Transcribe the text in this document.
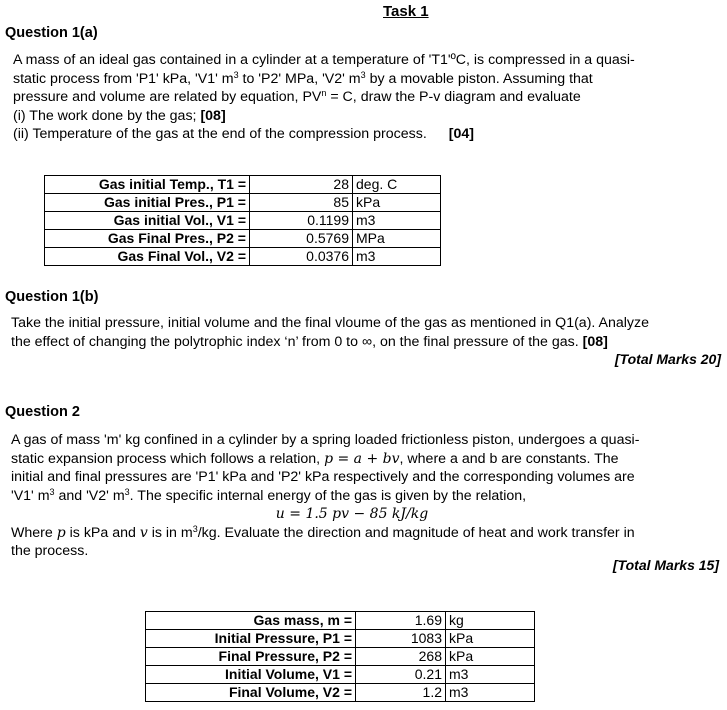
Task 1
Question 1(a)

A mass of an ideal gas contained in a cylinder at a temperature of 'T1'ºC, is compressed in a quasi-

static process from 'P1' kPa, 'V1' $m^3$ to 'P2' MPa, 'V2' $m^3$ by a movable piston. Assuming that

pressure and volume are related by equation, $PV^n = C$, draw the P-v diagram and evaluate

(i) The work done by the gas; [08]

(ii) Temperature of the gas at the end of the compression process. [04]

Gas initial Temp., T1 =	28	deg. C
Gas initial Pres., P1 =	85	kPa
Gas initial Vol., V1 =	0.1199	m3
Gas Final Pres., P2 =	0.5769	MPa
Gas Final Vol., V2 =	0.0376	m3
Question 1(b)

Take the initial pressure, initial volume and the final vloume of the gas as mentioned in Q1(a). Analyze

the effect of changing the polytrophic index ‘n’ from 0 to ∞, on the final pressure of the gas. [08]

[Total Marks 20]
Question 2

A gas of mass 'm' kg confined in a cylinder by a spring loaded frictionless piston, undergoes a quasi-

static expansion process which follows a relation, p = a + bv, where a and b are constants. The

initial and final pressures are 'P1' kPa and 'P2' kPa respectively and the corresponding volumes are

'V1' $m^3$ and 'V2' $m^3$. The specific internal energy of the gas is given by the relation,

u = 1.5 pv − 85 kJ/kg

Where p is kPa and v is in $m^3/kg$. Evaluate the direction and magnitude of heat and work transfer in

the process.

[Total Marks 15]
Gas mass, m =	1.69	kg
Initial Pressure, P1 =	1083	kPa
Final Pressure, P2 =	268	kPa
Initial Volume, V1 =	0.21	m3
Final Volume, V2 =	1.2	m3
